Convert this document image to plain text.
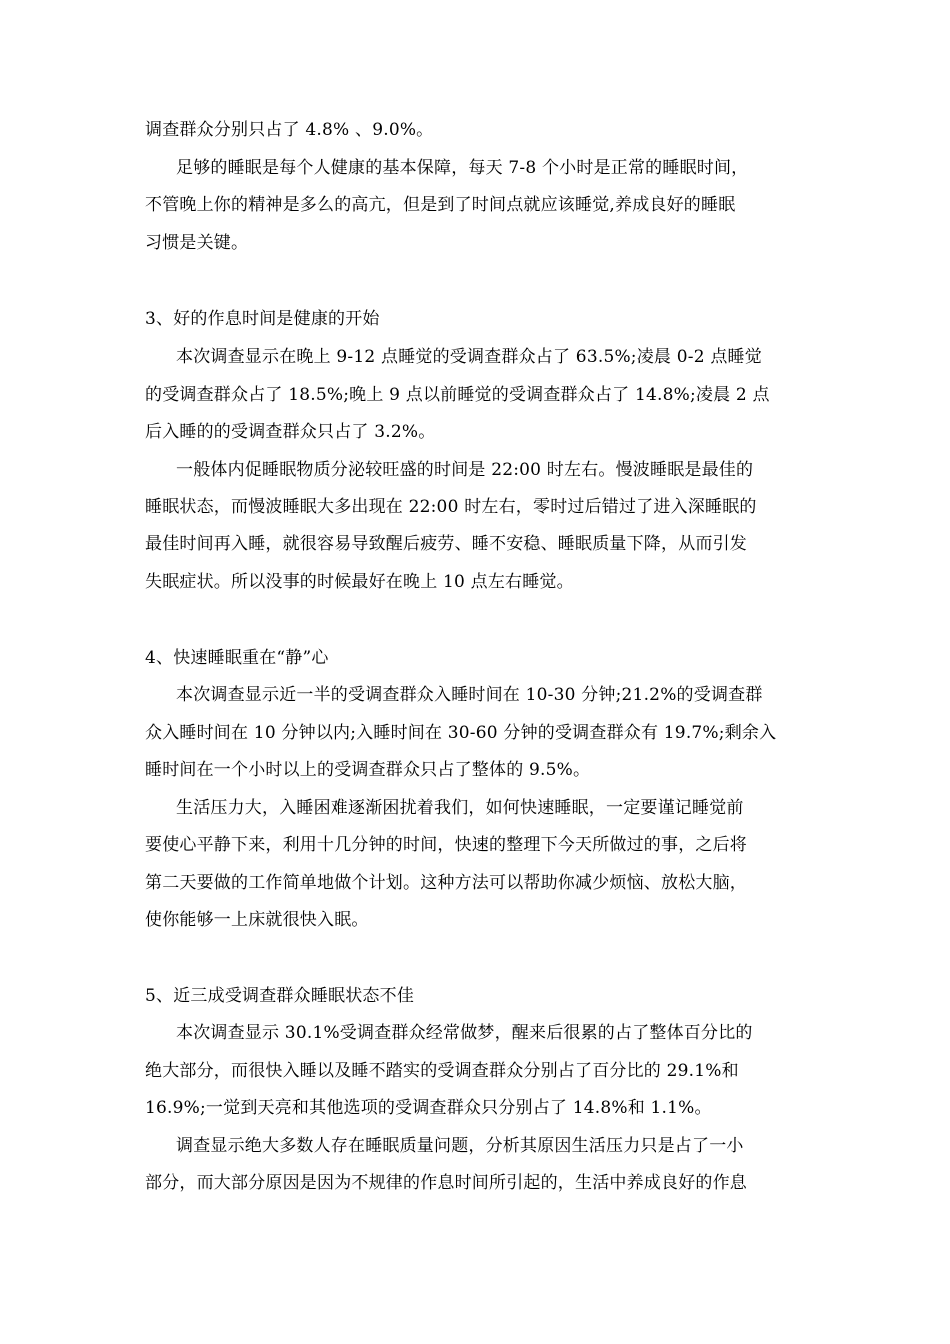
调查群众分别只占了 4.8% 、9.0%。
足够的睡眠是每个人健康的基本保障，每天 7-8 个小时是正常的睡眠时间，
不管晚上你的精神是多么的高亢，但是到了时间点就应该睡觉,养成良好的睡眠
习惯是关键。
3、好的作息时间是健康的开始
本次调查显示在晚上 9-12 点睡觉的受调查群众占了 63.5%;凌晨 0-2 点睡觉
的受调查群众占了 18.5%;晚上 9 点以前睡觉的受调查群众占了 14.8%;凌晨 2 点
后入睡的的受调查群众只占了 3.2%。
一般体内促睡眠物质分泌较旺盛的时间是 22:00 时左右。慢波睡眠是最佳的
睡眠状态，而慢波睡眠大多出现在 22:00 时左右，零时过后错过了进入深睡眠的
最佳时间再入睡，就很容易导致醒后疲劳、睡不安稳、睡眠质量下降，从而引发
失眠症状。所以没事的时候最好在晚上 10 点左右睡觉。
4、快速睡眠重在“静”心
本次调查显示近一半的受调查群众入睡时间在 10-30 分钟;21.2%的受调查群
众入睡时间在 10 分钟以内;入睡时间在 30-60 分钟的受调查群众有 19.7%;剩余入
睡时间在一个小时以上的受调查群众只占了整体的 9.5%。
生活压力大，入睡困难逐渐困扰着我们，如何快速睡眠，一定要谨记睡觉前
要使心平静下来，利用十几分钟的时间，快速的整理下今天所做过的事，之后将
第二天要做的工作简单地做个计划。这种方法可以帮助你减少烦恼、放松大脑，
使你能够一上床就很快入眠。
5、近三成受调查群众睡眠状态不佳
本次调查显示 30.1%受调查群众经常做梦，醒来后很累的占了整体百分比的
绝大部分，而很快入睡以及睡不踏实的受调查群众分别占了百分比的 29.1%和
16.9%;一觉到天亮和其他选项的受调查群众只分别占了 14.8%和 1.1%。
调查显示绝大多数人存在睡眠质量问题，分析其原因生活压力只是占了一小
部分，而大部分原因是因为不规律的作息时间所引起的，生活中养成良好的作息
